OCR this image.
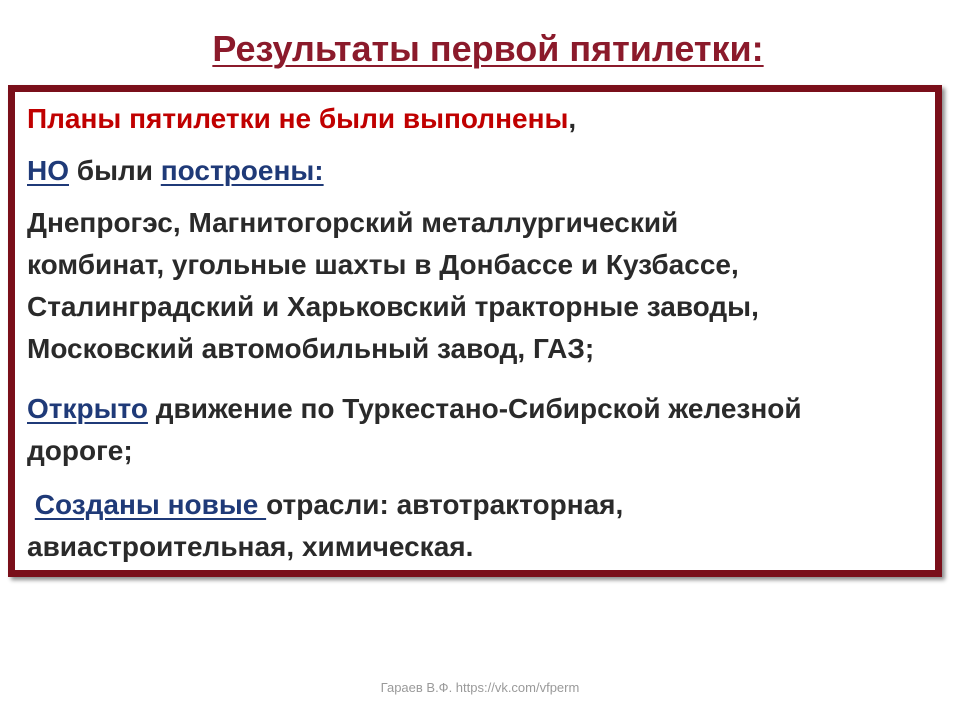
Результаты первой пятилетки:

Планы пятилетки не были выполнены,

НО были построены:

Днепрогэс, Магнитогорский металлургический
комбинат, угольные шахты в Донбассе и Кузбассе,
Сталинградский и Харьковский тракторные заводы,
Московский автомобильный завод, ГАЗ;

Открыто движение по Туркестано-Сибирской железной
дороге;

Созданы новые отрасли: автотракторная,
авиастроительная, химическая.

Гараев В.Ф. https://vk.com/vfperm
